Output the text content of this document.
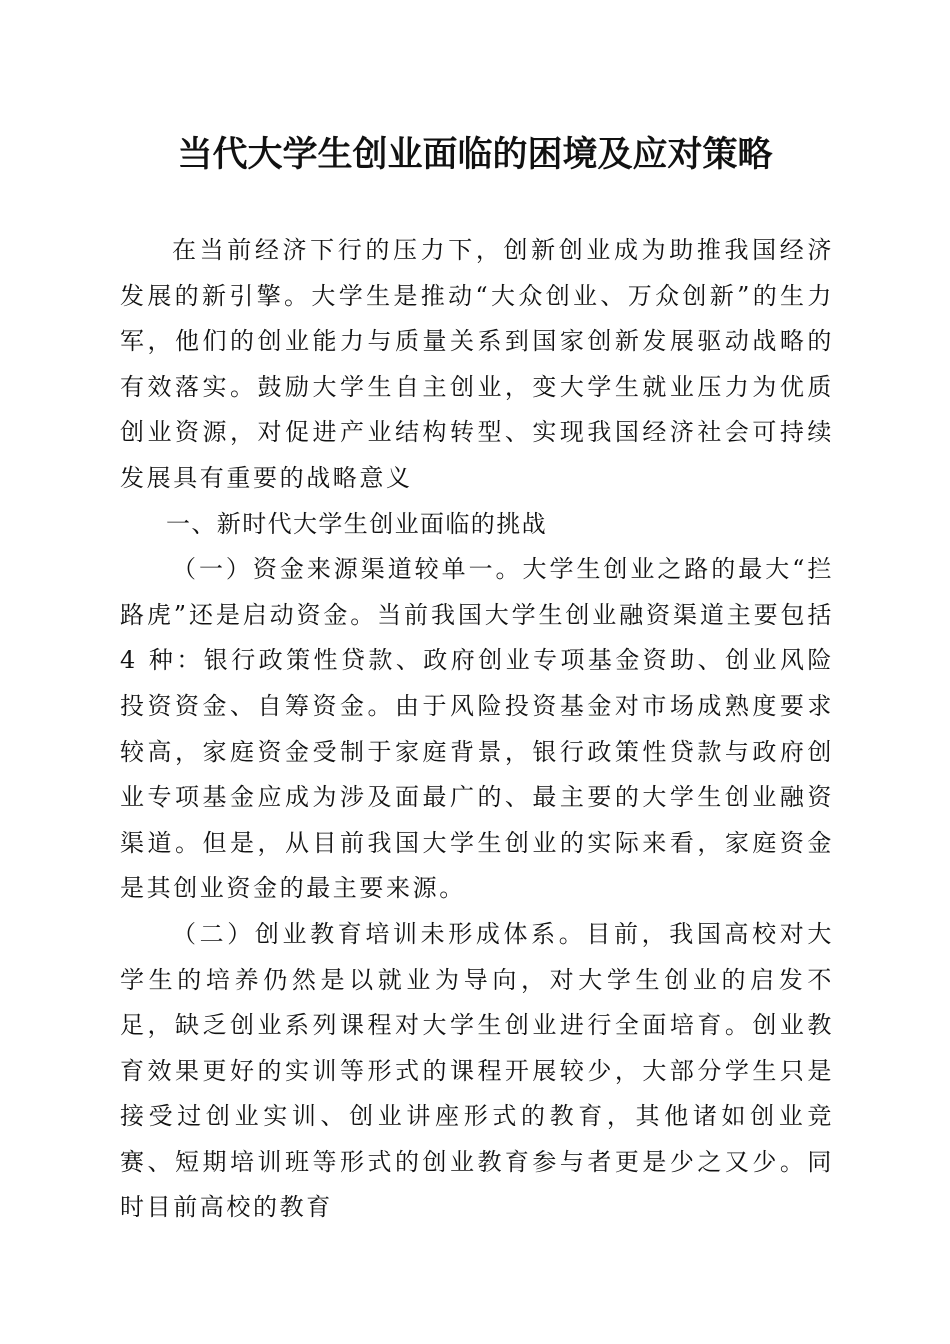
当代大学生创业面临的困境及应对策略

在当前经济下行的压力下，创新创业成为助推我国经济发展的新引擎。大学生是推动“大众创业、万众创新”的生力军，他们的创业能力与质量关系到国家创新发展驱动战略的有效落实。鼓励大学生自主创业，变大学生就业压力为优质创业资源，对促进产业结构转型、实现我国经济社会可持续发展具有重要的战略意义

一、新时代大学生创业面临的挑战

（一）资金来源渠道较单一。大学生创业之路的最大“拦路虎”还是启动资金。当前我国大学生创业融资渠道主要包括 4 种：银行政策性贷款、政府创业专项基金资助、创业风险投资资金、自筹资金。由于风险投资基金对市场成熟度要求较高，家庭资金受制于家庭背景，银行政策性贷款与政府创业专项基金应成为涉及面最广的、最主要的大学生创业融资渠道。但是，从目前我国大学生创业的实际来看，家庭资金是其创业资金的最主要来源。

（二）创业教育培训未形成体系。目前，我国高校对大学生的培养仍然是以就业为导向，对大学生创业的启发不足，缺乏创业系列课程对大学生创业进行全面培育。创业教育效果更好的实训等形式的课程开展较少，大部分学生只是接受过创业实训、创业讲座形式的教育，其他诸如创业竞赛、短期培训班等形式的创业教育参与者更是少之又少。同时目前高校的教育
